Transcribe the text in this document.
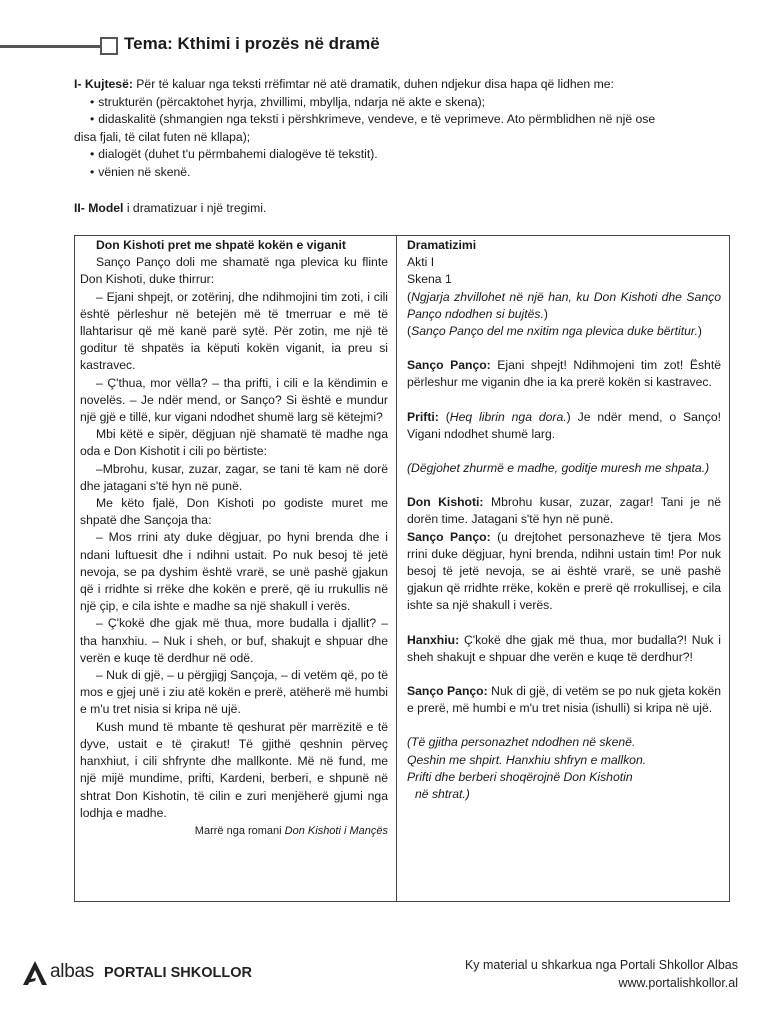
Tema: Kthimi i prozës në dramë

I- Kujtesë: Për të kaluar nga teksti rrëfimtar në atë dramatik, duhen ndjekur disa hapa që lidhen me:

• strukturën (përcaktohet hyrja, zhvillimi, mbyllja, ndarja në akte e skena);

• didaskalitë (shmangien nga teksti i përshkrimeve, vendeve, e të veprimeve. Ato përmblidhen në një ose

disa fjali, të cilat futen në kllapa);

• dialogët (duhet t'u përmbahemi dialogëve të tekstit).

• vënien në skenë.

II- Model i dramatizuar i një tregimi.

Don Kishoti pret me shpatë kokën e viganit

Sanço Panço doli me shamatë nga plevica ku flinte Don Kishoti, duke thirrur:

– Ejani shpejt, or zotërinj, dhe ndihmojini tim zoti, i cili është përleshur në betejën më të tmerruar e më të llahtarisur që më kanë parë sytë. Për zotin, me një të goditur të shpatës ia këputi kokën viganit, ia preu si kastravec.

– Ç'thua, mor vëlla? – tha prifti, i cili e la këndimin e novelës. – Je ndër mend, or Sanço? Si është e mundur një gjë e tillë, kur vigani ndodhet shumë larg së këtejmi?

Mbi këtë e sipër, dëgjuan një shamatë të madhe nga oda e Don Kishotit i cili po bërtiste:

–Mbrohu, kusar, zuzar, zagar, se tani të kam në dorë dhe jatagani s'të hyn në punë.

Me këto fjalë, Don Kishoti po godiste muret me shpatë dhe Sançoja tha:

– Mos rrini aty duke dëgjuar, po hyni brenda dhe i ndani luftuesit dhe i ndihni ustait. Po nuk besoj të jetë nevoja, se pa dyshim është vrarë, se unë pashë gjakun që i rridhte si rrëke dhe kokën e prerë, që iu rrukullis në një çip, e cila ishte e madhe sa një shakull i verës.

– Ç'kokë dhe gjak më thua, more budalla i djallit? – tha hanxhiu. – Nuk i sheh, or buf, shakujt e shpuar dhe verën e kuqe të derdhur në odë.

– Nuk di gjë, – u përgjigj Sançoja, – di vetëm që, po të mos e gjej unë i ziu atë kokën e prerë, atëherë më humbi e m'u tret nisia si kripa në ujë.

Kush mund të mbante të qeshurat për marrëzitë e të dyve, ustait e të çirakut! Të gjithë qeshnin përveç hanxhiut, i cili shfrynte dhe mallkonte. Më në fund, me një mijë mundime, prifti, Kardeni, berberi, e shpunë në shtrat Don Kishotin, të cilin e zuri menjëherë gjumi nga lodhja e madhe.

Marrë nga romani Don Kishoti i Mançës

Dramatizimi

Akti I

Skena 1

(Ngjarja zhvillohet në një han, ku Don Kishoti dhe Sanço Panço ndodhen si bujtës.)

(Sanço Panço del me nxitim nga plevica duke bërtitur.)

Sanço Panço: Ejani shpejt! Ndihmojeni tim zot! Është përleshur me viganin dhe ia ka prerë kokën si kastravec.

Prifti: (Heq librin nga dora.) Je ndër mend, o Sanço! Vigani ndodhet shumë larg.

(Dëgjohet zhurmë e madhe, goditje muresh me shpata.)

Don Kishoti: Mbrohu kusar, zuzar, zagar! Tani je në dorën time. Jatagani s'të hyn në punë.

Sanço Panço: (u drejtohet personazheve të tjera Mos rrini duke dëgjuar, hyni brenda, ndihni ustain tim! Por nuk besoj të jetë nevoja, se ai është vrarë, se unë pashë gjakun që rridhte rrëke, kokën e prerë që rrokullisej, e cila ishte sa një shakull i verës.

Hanxhiu: Ç'kokë dhe gjak më thua, mor budalla?! Nuk i sheh shakujt e shpuar dhe verën e kuqe të derdhur?!

Sanço Panço: Nuk di gjë, di vetëm se po nuk gjeta kokën e prerë, më humbi e m'u tret nisia (ishulli) si kripa në ujë.

(Të gjitha personazhet ndodhen në skenë.

Qeshin me shpirt. Hanxhiu shfryn e mallkon.

Prifti dhe berberi shoqërojnë Don Kishotin

në shtrat.)

albas PORTALI SHKOLLOR	Ky material u shkarkua nga Portali Shkollor Albas
www.portalishkollor.al
